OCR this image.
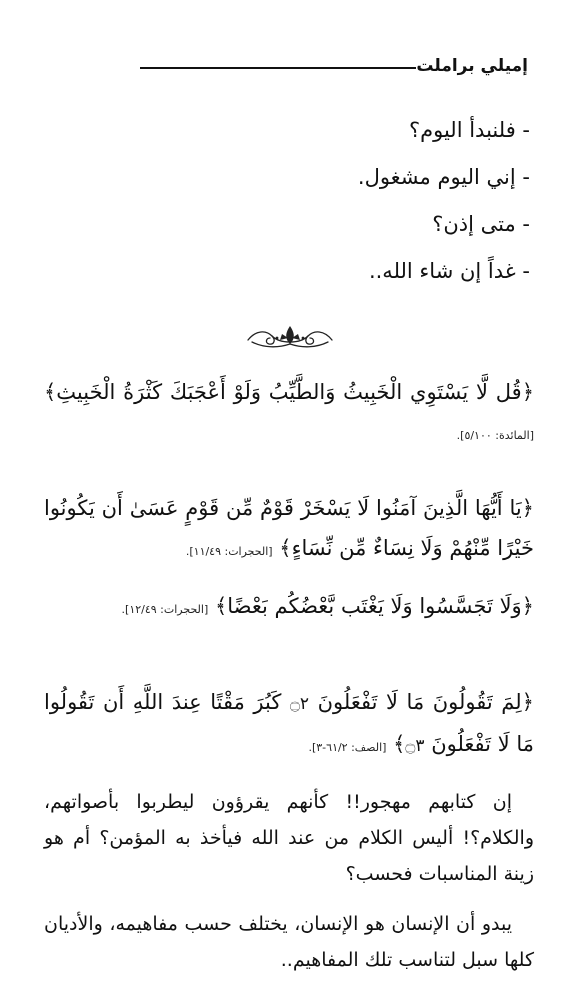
إميلي براملت
- فلنبدأ اليوم؟
- إني اليوم مشغول.
- متى إذن؟
- غداً إن شاء الله..

﴿قُل لَّا يَسْتَوِي الْخَبِيثُ وَالطَّيِّبُ وَلَوْ أَعْجَبَكَ كَثْرَةُ الْخَبِيثِ﴾ [المائدة: ٥/١٠٠].

﴿يَا أَيُّهَا الَّذِينَ آمَنُوا لَا يَسْخَرْ قَوْمٌ مِّن قَوْمٍ عَسَىٰ أَن يَكُونُوا خَيْرًا مِّنْهُمْ وَلَا نِسَاءٌ مِّن نِّسَاءٍ﴾ [الحجرات: ١١/٤٩].

﴿وَلَا تَجَسَّسُوا وَلَا يَغْتَب بَّعْضُكُم بَعْضًا﴾ [الحجرات: ١٢/٤٩].

﴿لِمَ تَقُولُونَ مَا لَا تَفْعَلُونَ ۝٢ كَبُرَ مَقْتًا عِندَ اللَّهِ أَن تَقُولُوا مَا لَا تَفْعَلُونَ ۝٣﴾ [الصف: ٦١/٢-٣].

إن كتابهم مهجور!! كأنهم يقرؤون ليطربوا بأصواتهم، والكلام؟! أليس الكلام من عند الله فيأخذ به المؤمن؟ أم هو زينة المناسبات فحسب؟

يبدو أن الإنسان هو الإنسان، يختلف حسب مفاهيمه، والأديان كلها سبل لتناسب تلك المفاهيم..
